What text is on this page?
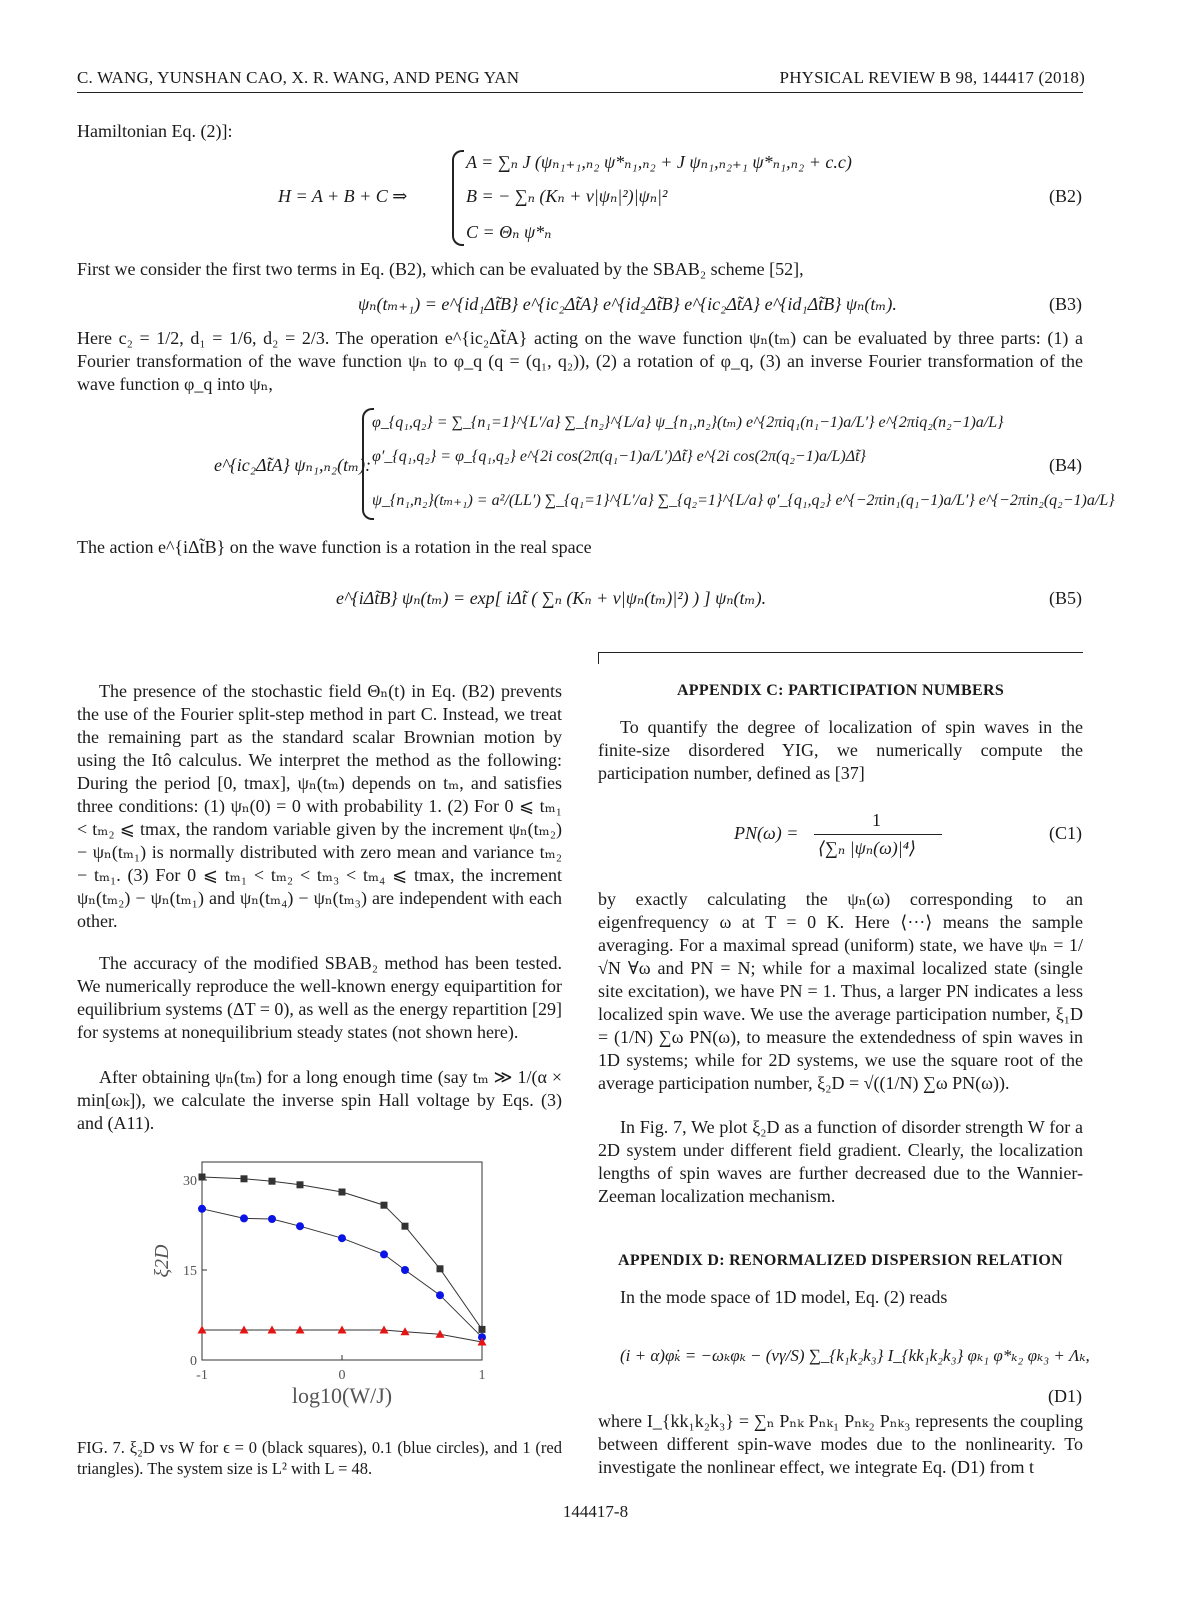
C. WANG, YUNSHAN CAO, X. R. WANG, AND PENG YAN	PHYSICAL REVIEW B 98, 144417 (2018)
Hamiltonian Eq. (2)]:
H = A + B + C ⇒
A = ∑ₙ J (ψₙ₁₊₁,ₙ₂ ψ*ₙ₁,ₙ₂ + J ψₙ₁,ₙ₂₊₁ ψ*ₙ₁,ₙ₂ + c.c)
B = − ∑ₙ (Kₙ + ν|ψₙ|²)|ψₙ|²
C = Θₙ ψ*ₙ
(B2)
First we consider the first two terms in Eq. (B2), which can be evaluated by the SBAB₂ scheme [52],
ψₙ(tₘ₊₁) = e^{id₁Δt̃B} e^{ic₂Δt̃A} e^{id₂Δt̃B} e^{ic₂Δt̃A} e^{id₁Δt̃B} ψₙ(tₘ).	(B3)
Here c₂ = 1/2, d₁ = 1/6, d₂ = 2/3. The operation e^{ic₂Δt̃A} acting on the wave function ψₙ(tₘ) can be evaluated by three parts: (1) a Fourier transformation of the wave function ψₙ to φ_q (q = (q₁, q₂)), (2) a rotation of φ_q, (3) an inverse Fourier transformation of the wave function φ_q into ψₙ,
e^{ic₂Δt̃A} ψₙ₁,ₙ₂(tₘ):
φ_{q₁,q₂} = ∑_{n₁=1}^{L′/a} ∑_{n₂}^{L/a} ψ_{n₁,n₂}(tₘ) e^{2πiq₁(n₁−1)a/L′} e^{2πiq₂(n₂−1)a/L}
φ′_{q₁,q₂} = φ_{q₁,q₂} e^{2i cos(2π(q₁−1)a/L′)Δt̃} e^{2i cos(2π(q₂−1)a/L)Δt̃}
ψ_{n₁,n₂}(tₘ₊₁) = a²/(LL′) ∑_{q₁=1}^{L′/a} ∑_{q₂=1}^{L/a} φ′_{q₁,q₂} e^{−2πin₁(q₁−1)a/L′} e^{−2πin₂(q₂−1)a/L}
(B4)
The action e^{iΔt̃B} on the wave function is a rotation in the real space
e^{iΔt̃B} ψₙ(tₘ) = exp[ iΔt̃ ( ∑ₙ (Kₙ + ν|ψₙ(tₘ)|²) ) ] ψₙ(tₘ).	(B5)
The presence of the stochastic field Θₙ(t) in Eq. (B2) prevents the use of the Fourier split-step method in part C. Instead, we treat the remaining part as the standard scalar Brownian motion by using the Itô calculus. We interpret the method as the following: During the period [0, tmax], ψₙ(tₘ) depends on tₘ, and satisfies three conditions: (1) ψₙ(0) = 0 with probability 1. (2) For 0 ⩽ tₘ₁ < tₘ₂ ⩽ tmax, the random variable given by the increment ψₙ(tₘ₂) − ψₙ(tₘ₁) is normally distributed with zero mean and variance tₘ₂ − tₘ₁. (3) For 0 ⩽ tₘ₁ < tₘ₂ < tₘ₃ < tₘ₄ ⩽ tmax, the increment ψₙ(tₘ₂) − ψₙ(tₘ₁) and ψₙ(tₘ₄) − ψₙ(tₘ₃) are independent with each other.
The accuracy of the modified SBAB₂ method has been tested. We numerically reproduce the well-known energy equipartition for equilibrium systems (ΔT = 0), as well as the energy repartition [29] for systems at nonequilibrium steady states (not shown here).
After obtaining ψₙ(tₘ) for a long enough time (say tₘ ≫ 1/(α × min[ωₖ]), we calculate the inverse spin Hall voltage by Eqs. (3) and (A11).
0
15
30
-1	0	1
ξ2D
log10(W/J)
FIG. 7. ξ₂D vs W for ϵ = 0 (black squares), 0.1 (blue circles), and 1 (red triangles). The system size is L² with L = 48.
APPENDIX C: PARTICIPATION NUMBERS
To quantify the degree of localization of spin waves in the finite-size disordered YIG, we numerically compute the participation number, defined as [37]
PN(ω) =
1
⟨∑ₙ |ψₙ(ω)|⁴⟩
(C1)
by exactly calculating the ψₙ(ω) corresponding to an eigenfrequency ω at T = 0 K. Here ⟨···⟩ means the sample averaging. For a maximal spread (uniform) state, we have ψₙ = 1/√N ∀ω and PN = N; while for a maximal localized state (single site excitation), we have PN = 1. Thus, a larger PN indicates a less localized spin wave. We use the average participation number, ξ₁D = (1/N) ∑ω PN(ω), to measure the extendedness of spin waves in 1D systems; while for 2D systems, we use the square root of the average participation number, ξ₂D = √((1/N) ∑ω PN(ω)).
In Fig. 7, We plot ξ₂D as a function of disorder strength W for a 2D system under different field gradient. Clearly, the localization lengths of spin waves are further decreased due to the Wannier-Zeeman localization mechanism.
APPENDIX D: RENORMALIZED DISPERSION RELATION
In the mode space of 1D model, Eq. (2) reads
(i + α)φ̇ₖ = −ωₖφₖ − (νγ/S) ∑_{k₁k₂k₃} I_{kk₁k₂k₃} φₖ₁ φ*ₖ₂ φₖ₃ + Λₖ,
(D1)
where I_{kk₁k₂k₃} = ∑ₙ Pₙₖ Pₙₖ₁ Pₙₖ₂ Pₙₖ₃ represents the coupling between different spin-wave modes due to the nonlinearity. To investigate the nonlinear effect, we integrate Eq. (D1) from t
144417-8
